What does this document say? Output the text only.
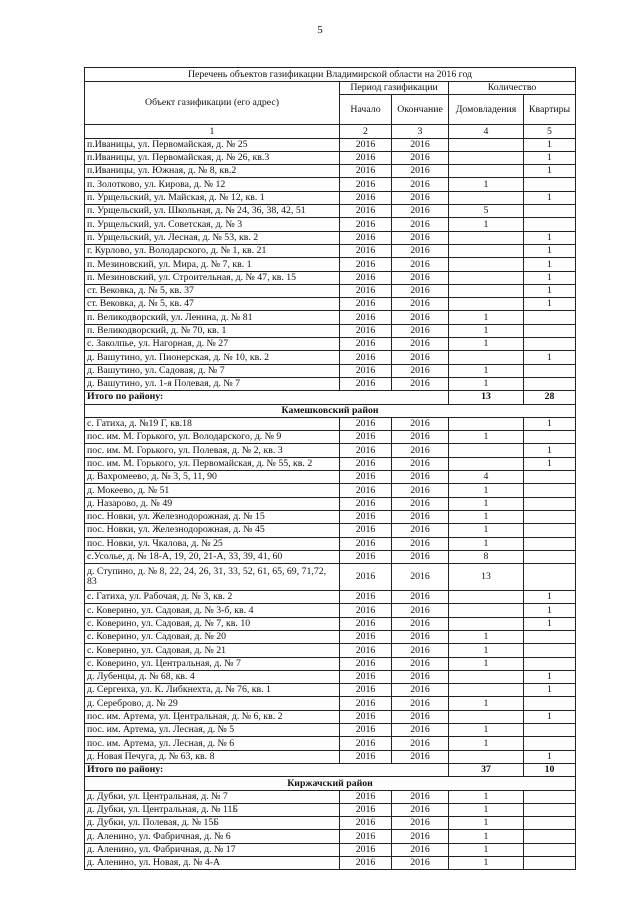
5
Перечень объектов газификации Владимирской области на 2016 год				
Объект газификации (его адрес)	Период газификации		Количество	
	Начало	Окончание	Домовладения	Квартиры
1	2	3	4	5
п.Иваницы, ул. Первомайская, д. № 25	2016	2016		1
п.Иваницы, ул. Первомайская, д. № 26, кв.3	2016	2016		1
п.Иваницы, ул. Южная, д. № 8, кв.2	2016	2016		1
п. Золотково, ул. Кирова, д. № 12	2016	2016	1	
п. Урщельский, ул. Майская, д. № 12, кв. 1	2016	2016		1
п. Урщельский, ул. Школьная, д. № 24, 36, 38, 42, 51	2016	2016	5	
п. Урщельский, ул. Советская, д. № 3	2016	2016	1	
п. Урщельский, ул. Лесная, д. № 53, кв. 2	2016	2016		1
г. Курлово, ул. Володарского, д. № 1, кв. 21	2016	2016		1
п. Мезиновский, ул. Мира, д. № 7, кв. 1	2016	2016		1
п. Мезиновский, ул. Строительная, д. № 47, кв. 15	2016	2016		1
ст. Вековка, д. № 5, кв. 37	2016	2016		1
ст. Вековка, д. № 5, кв. 47	2016	2016		1
п. Великодворский, ул. Ленина, д. № 81	2016	2016	1	
п. Великодворский, д. № 70, кв. 1	2016	2016	1	
с. Заколпье, ул. Нагорная, д. № 27	2016	2016	1	
д. Вашутино, ул. Пионерская, д. № 10, кв. 2	2016	2016		1
д. Вашутино, ул. Садовая, д. № 7	2016	2016	1	
д. Вашутино, ул. 1-я Полевая, д. № 7	2016	2016	1	
Итого по району:			13	28
Камешковский район				
с. Гатиха, д. №19 Г, кв.18	2016	2016		1
пос. им. М. Горького, ул. Володарского, д. № 9	2016	2016	1	
пос. им. М. Горького, ул. Полевая, д. № 2, кв. 3	2016	2016		1
пос. им. М. Горького, ул. Первомайская, д. № 55, кв. 2	2016	2016		1
д. Вахромеево, д. № 3, 5, 11, 90	2016	2016	4	
д. Мокеево, д. № 51	2016	2016	1	
д. Назарово, д. № 49	2016	2016	1	
пос. Новки, ул. Железнодорожная, д. № 15	2016	2016	1	
пос. Новки, ул. Железнодорожная, д. № 45	2016	2016	1	
пос. Новки, ул. Чкалова, д. № 25	2016	2016	1	
с.Усолье, д. № 18-А, 19, 20, 21-А, 33, 39, 41, 60	2016	2016	8	
д. Ступино, д. № 8, 22, 24, 26, 31, 33, 52, 61, 65, 69, 71,72, 83	2016	2016	13	
с. Гатиха, ул. Рабочая, д. № 3, кв. 2	2016	2016		1
с. Коверино, ул. Садовая, д. № 3-б, кв. 4	2016	2016		1
с. Коверино, ул. Садовая, д. № 7, кв. 10	2016	2016		1
с. Коверино, ул. Садовая, д. № 20	2016	2016	1	
с. Коверино, ул. Садовая, д. № 21	2016	2016	1	
с. Коверино, ул. Центральная, д. № 7	2016	2016	1	
д. Лубенцы, д. № 68, кв. 4	2016	2016		1
д. Сергеиха, ул. К. Либкнехта, д. № 76, кв. 1	2016	2016		1
д. Сереброво, д. № 29	2016	2016	1	
пос. им. Артема, ул. Центральная, д. № 6, кв. 2	2016	2016		1
пос. им. Артема, ул. Лесная, д. № 5	2016	2016	1	
пос. им. Артема, ул. Лесная, д. № 6	2016	2016	1	
д. Новая Печуга, д. № 63, кв. 8	2016	2016		1
Итого по району:			37	10
Киржачский район				
д. Дубки, ул. Центральная, д. № 7	2016	2016	1	
д. Дубки, ул. Центральная, д. № 11Б	2016	2016	1	
д. Дубки, ул. Полевая, д. № 15Б	2016	2016	1	
д. Аленино, ул. Фабричная, д. № 6	2016	2016	1	
д. Аленино, ул. Фабричная, д. № 17	2016	2016	1	
д. Аленино, ул. Новая, д. № 4-А	2016	2016	1	
